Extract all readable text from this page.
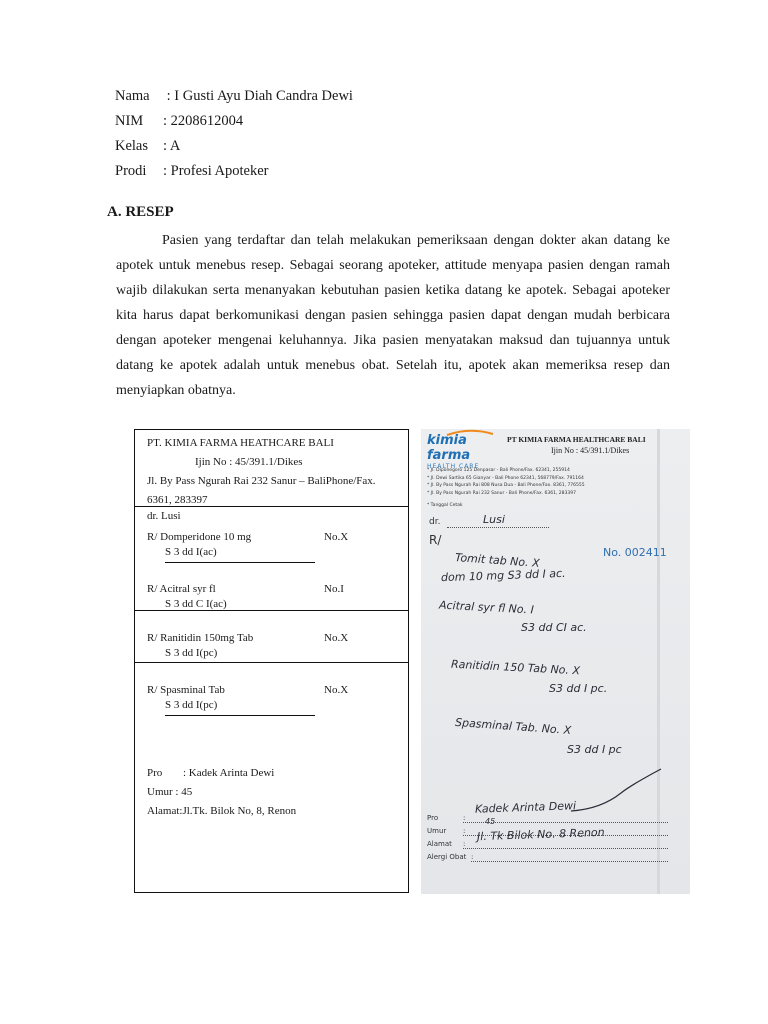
Nama : I Gusti Ayu Diah Candra Dewi
NIM	: 2208612004
Kelas	: A
Prodi	: Profesi Apoteker
A. RESEP
Pasien yang terdaftar dan telah melakukan pemeriksaan dengan dokter akan datang ke apotek untuk menebus resep. Sebagai seorang apoteker, attitude menyapa pasien dengan ramah wajib dilakukan serta menanyakan kebutuhan pasien ketika datang ke apotek. Sebagai apoteker kita harus dapat berkomunikasi dengan pasien sehingga pasien dapat dengan mudah berbicara dengan apoteker mengenai keluhannya. Jika pasien menyatakan maksud dan tujuannya untuk datang ke apotek adalah untuk menebus obat. Setelah itu, apotek akan memeriksa resep dan menyiapkan obatnya.
PT. KIMIA FARMA HEATHCARE BALI
Ijin No : 45/391.1/Dikes
Jl. By Pass Ngurah Rai 232 Sanur – BaliPhone/Fax. 6361, 283397
dr. Lusi
R/ Domperidone 10 mg	No.X
S 3 dd I(ac)
R/ Acitral syr fl	No.I
S 3 dd C I(ac)
R/ Ranitidin 150mg Tab	No.X
S 3 dd I(pc)
R/ Spasminal Tab	No.X
S 3 dd I(pc)
Pro : Kadek Arinta Dewi
Umur : 45
Alamat:Jl.Tk. Bilok No, 8, Renon
kimia farma
HEALTH CARE
PT KIMIA FARMA HEALTHCARE BALI
Ijin No : 45/391.1/Dikes
* Jl. Diponegoro 125 Denpasar - Bali Phone/Fax. 62341, 255914
* Jl. Dewi Sartika 65 Gianyar - Bali Phone 62341, 568779/Fax. 791164
* Jl. By Pass Ngurah Rai 808 Nusa Dua - Bali Phone/Fax. 8361, 776555
* Jl. By Pass Ngurah Rai 232 Sanur - Bali Phone/Fax. 6361, 283397
* Tanggal Cetak
dr.	Lusi
R/
No. 002411
Tomit tab No. X
dom 10 mg S3 dd I ac.
Acitral syr fl No. I
S3 dd CI ac.
Ranitidin 150 Tab No. X
S3 dd I pc.
Spasminal Tab. No. X
S3 dd I pc
Pro	:
Kadek Arinta Dewi
Umur :
45
Alamat :
Jl. Tk Bilok No. 8 Renon
Alergi Obat :
